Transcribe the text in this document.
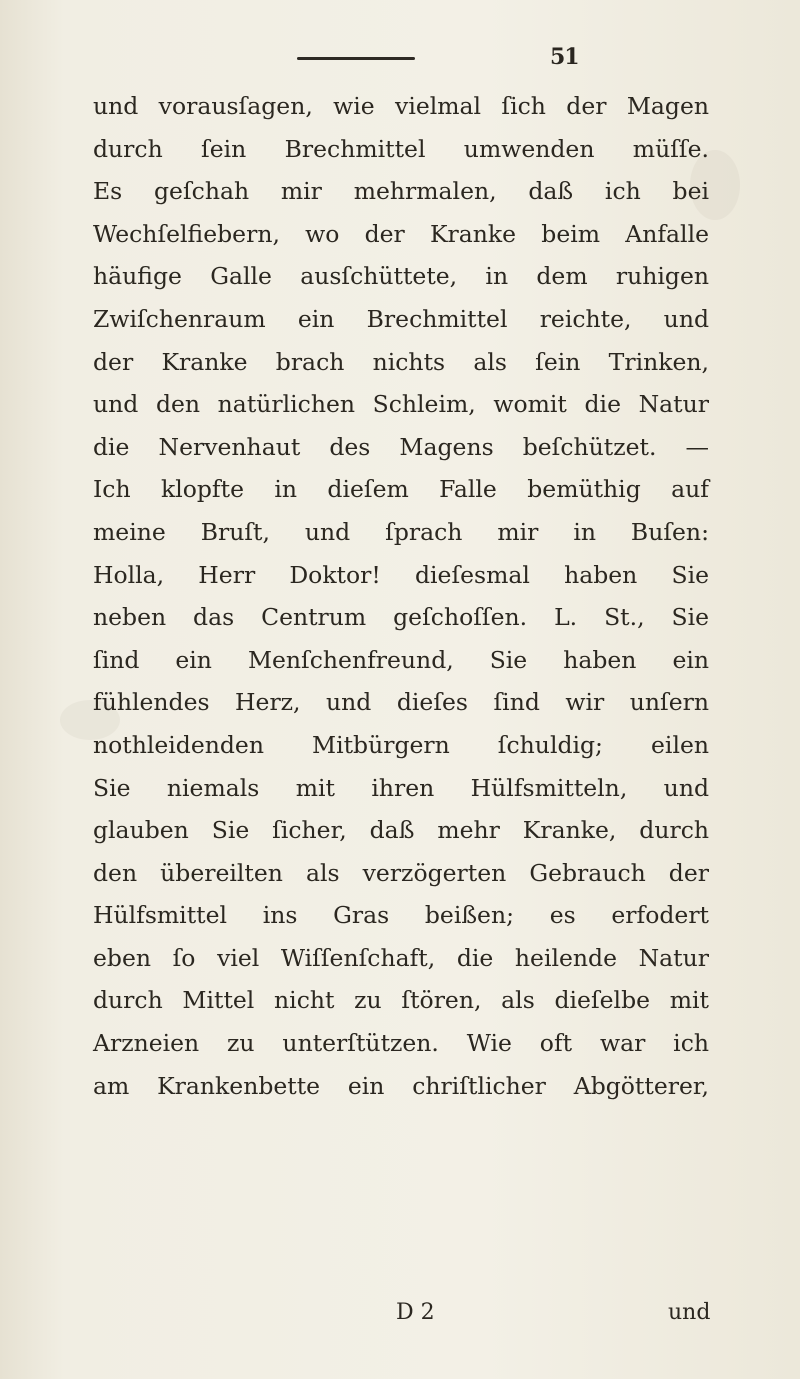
51
und vorausſagen, wie vielmal ſich der Magen
durch ſein Brechmittel umwenden müſſe.
Es geſchah mir mehrmalen, daß ich bei
Wechſelfiebern, wo der Kranke beim Anfalle
häufige Galle ausſchüttete, in dem ruhigen
Zwiſchenraum ein Brechmittel reichte, und
der Kranke brach nichts als ſein Trinken,
und den natürlichen Schleim, womit die Natur
die Nervenhaut des Magens beſchützet. —
Ich klopfte in dieſem Falle bemüthig auf
meine Bruſt, und ſprach mir in Buſen:
Holla, Herr Doktor! dieſesmal haben Sie
neben das Centrum geſchoſſen. L. St., Sie
ſind ein Menſchenfreund, Sie haben ein
fühlendes Herz, und dieſes ſind wir unſern
nothleidenden Mitbürgern ſchuldig; eilen
Sie niemals mit ihren Hülfsmitteln, und
glauben Sie ſicher, daß mehr Kranke, durch
den übereilten als verzögerten Gebrauch der
Hülfsmittel ins Gras beißen; es erfodert
eben ſo viel Wiſſenſchaft, die heilende Natur
durch Mittel nicht zu ſtören, als dieſelbe mit
Arzneien zu unterſtützen. Wie oft war ich
am Krankenbette ein chriſtlicher Abgötterer,
D 2	und
